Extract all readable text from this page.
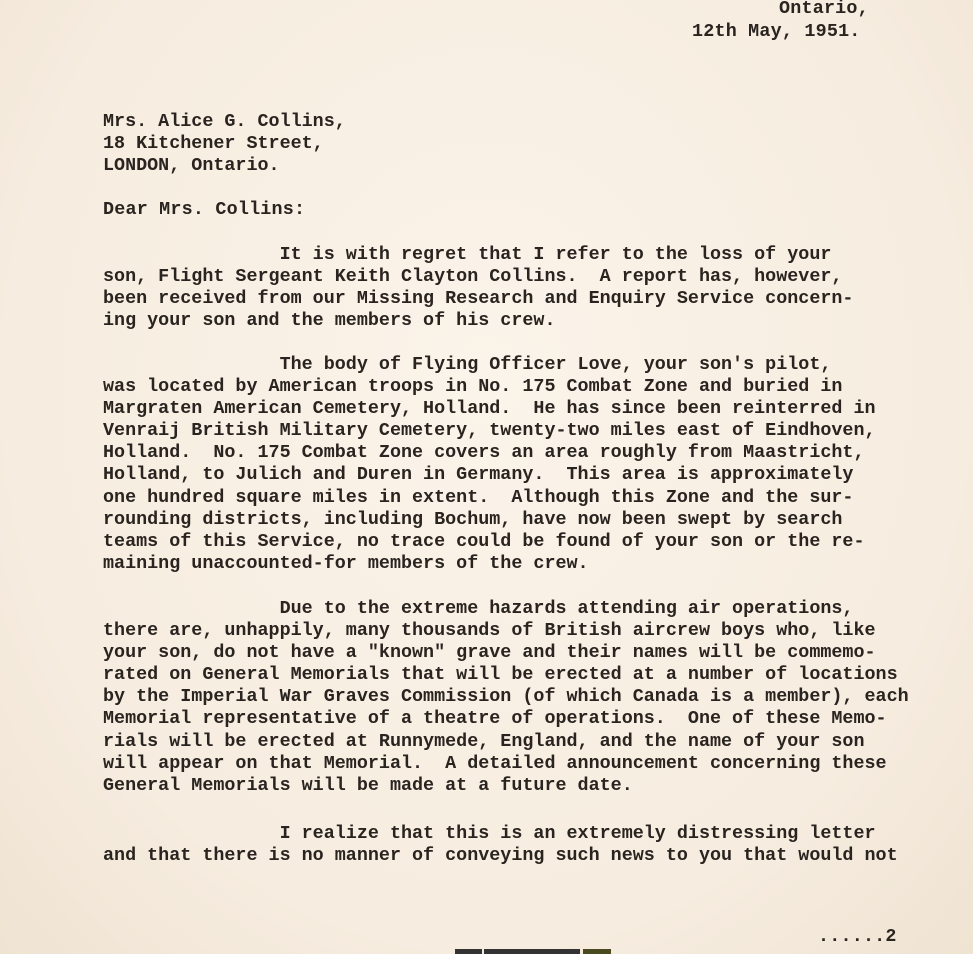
Ontario,
12th May, 1951.
Mrs. Alice G. Collins,
18 Kitchener Street,
LONDON, Ontario.
Dear Mrs. Collins:
It is with regret that I refer to the loss of your
son, Flight Sergeant Keith Clayton Collins.  A report has, however,
been received from our Missing Research and Enquiry Service concern-
ing your son and the members of his crew.
The body of Flying Officer Love, your son's pilot,
was located by American troops in No. 175 Combat Zone and buried in
Margraten American Cemetery, Holland.  He has since been reinterred in
Venraij British Military Cemetery, twenty-two miles east of Eindhoven,
Holland.  No. 175 Combat Zone covers an area roughly from Maastricht,
Holland, to Julich and Duren in Germany.  This area is approximately
one hundred square miles in extent.  Although this Zone and the sur-
rounding districts, including Bochum, have now been swept by search
teams of this Service, no trace could be found of your son or the re-
maining unaccounted-for members of the crew.
Due to the extreme hazards attending air operations,
there are, unhappily, many thousands of British aircrew boys who, like
your son, do not have a "known" grave and their names will be commemo-
rated on General Memorials that will be erected at a number of locations
by the Imperial War Graves Commission (of which Canada is a member), each
Memorial representative of a theatre of operations.  One of these Memo-
rials will be erected at Runnymede, England, and the name of your son
will appear on that Memorial.  A detailed announcement concerning these
General Memorials will be made at a future date.
I realize that this is an extremely distressing letter
and that there is no manner of conveying such news to you that would not
......2
